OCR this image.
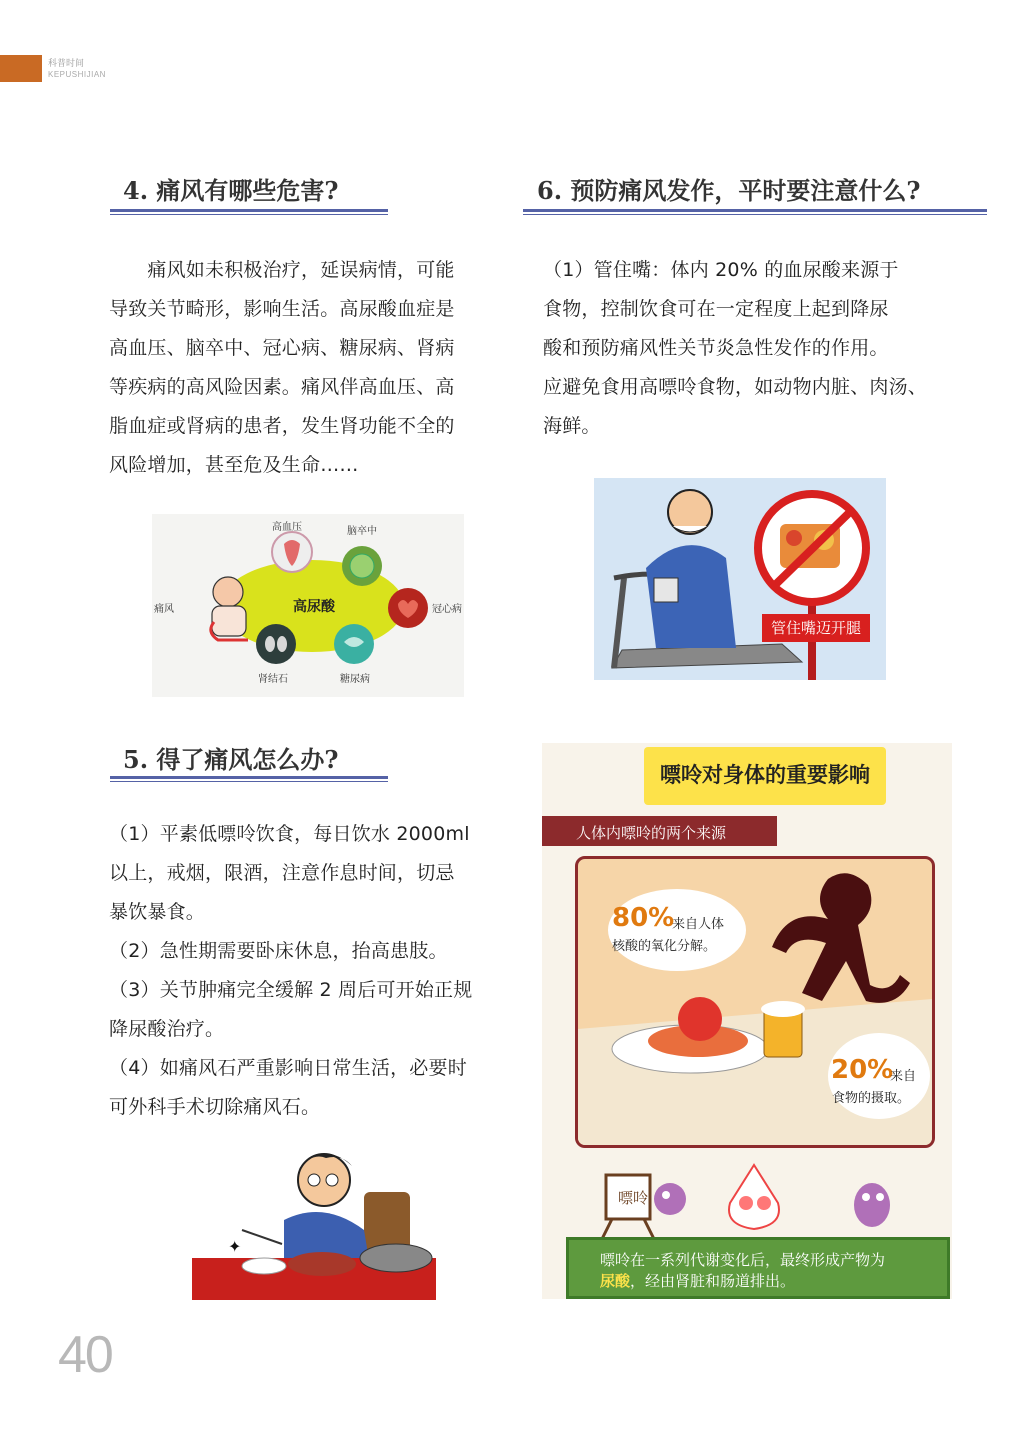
科普时间
KEPUSHIJIAN
4. 痛风有哪些危害?

　　痛风如未积极治疗，延误病情，可能

导致关节畸形，影响生活。高尿酸血症是

高血压、脑卒中、冠心病、糖尿病、肾病

等疾病的高风险因素。痛风伴高血压、高

脂血症或肾病的患者，发生肾功能不全的

风险增加，甚至危及生命……

高尿酸
痛风
高血压	脑卒中
冠心病
糖尿病
肾结石
5. 得了痛风怎么办?

（1）平素低嘌呤饮食，每日饮水 2000ml

以上，戒烟，限酒，注意作息时间，切忌

暴饮暴食。

（2）急性期需要卧床休息，抬高患肢。

（3）关节肿痛完全缓解 2 周后可开始正规

降尿酸治疗。

（4）如痛风石严重影响日常生活，必要时

可外科手术切除痛风石。

✦
6. 预防痛风发作，平时要注意什么?

（1）管住嘴：体内 20% 的血尿酸来源于

食物，控制饮食可在一定程度上起到降尿

酸和预防痛风性关节炎急性发作的作用。

应避免食用高嘌呤食物，如动物内脏、肉汤、

海鲜。

管住嘴迈开腿
嘌呤对身体的重要影响
人体内嘌呤的两个来源
80%
来自人体
核酸的氧化分解。
20%
来自
食物的摄取。
嘌呤
嘌呤在一系列代谢变化后，最终形成产物为
尿酸，经由肾脏和肠道排出。
40
